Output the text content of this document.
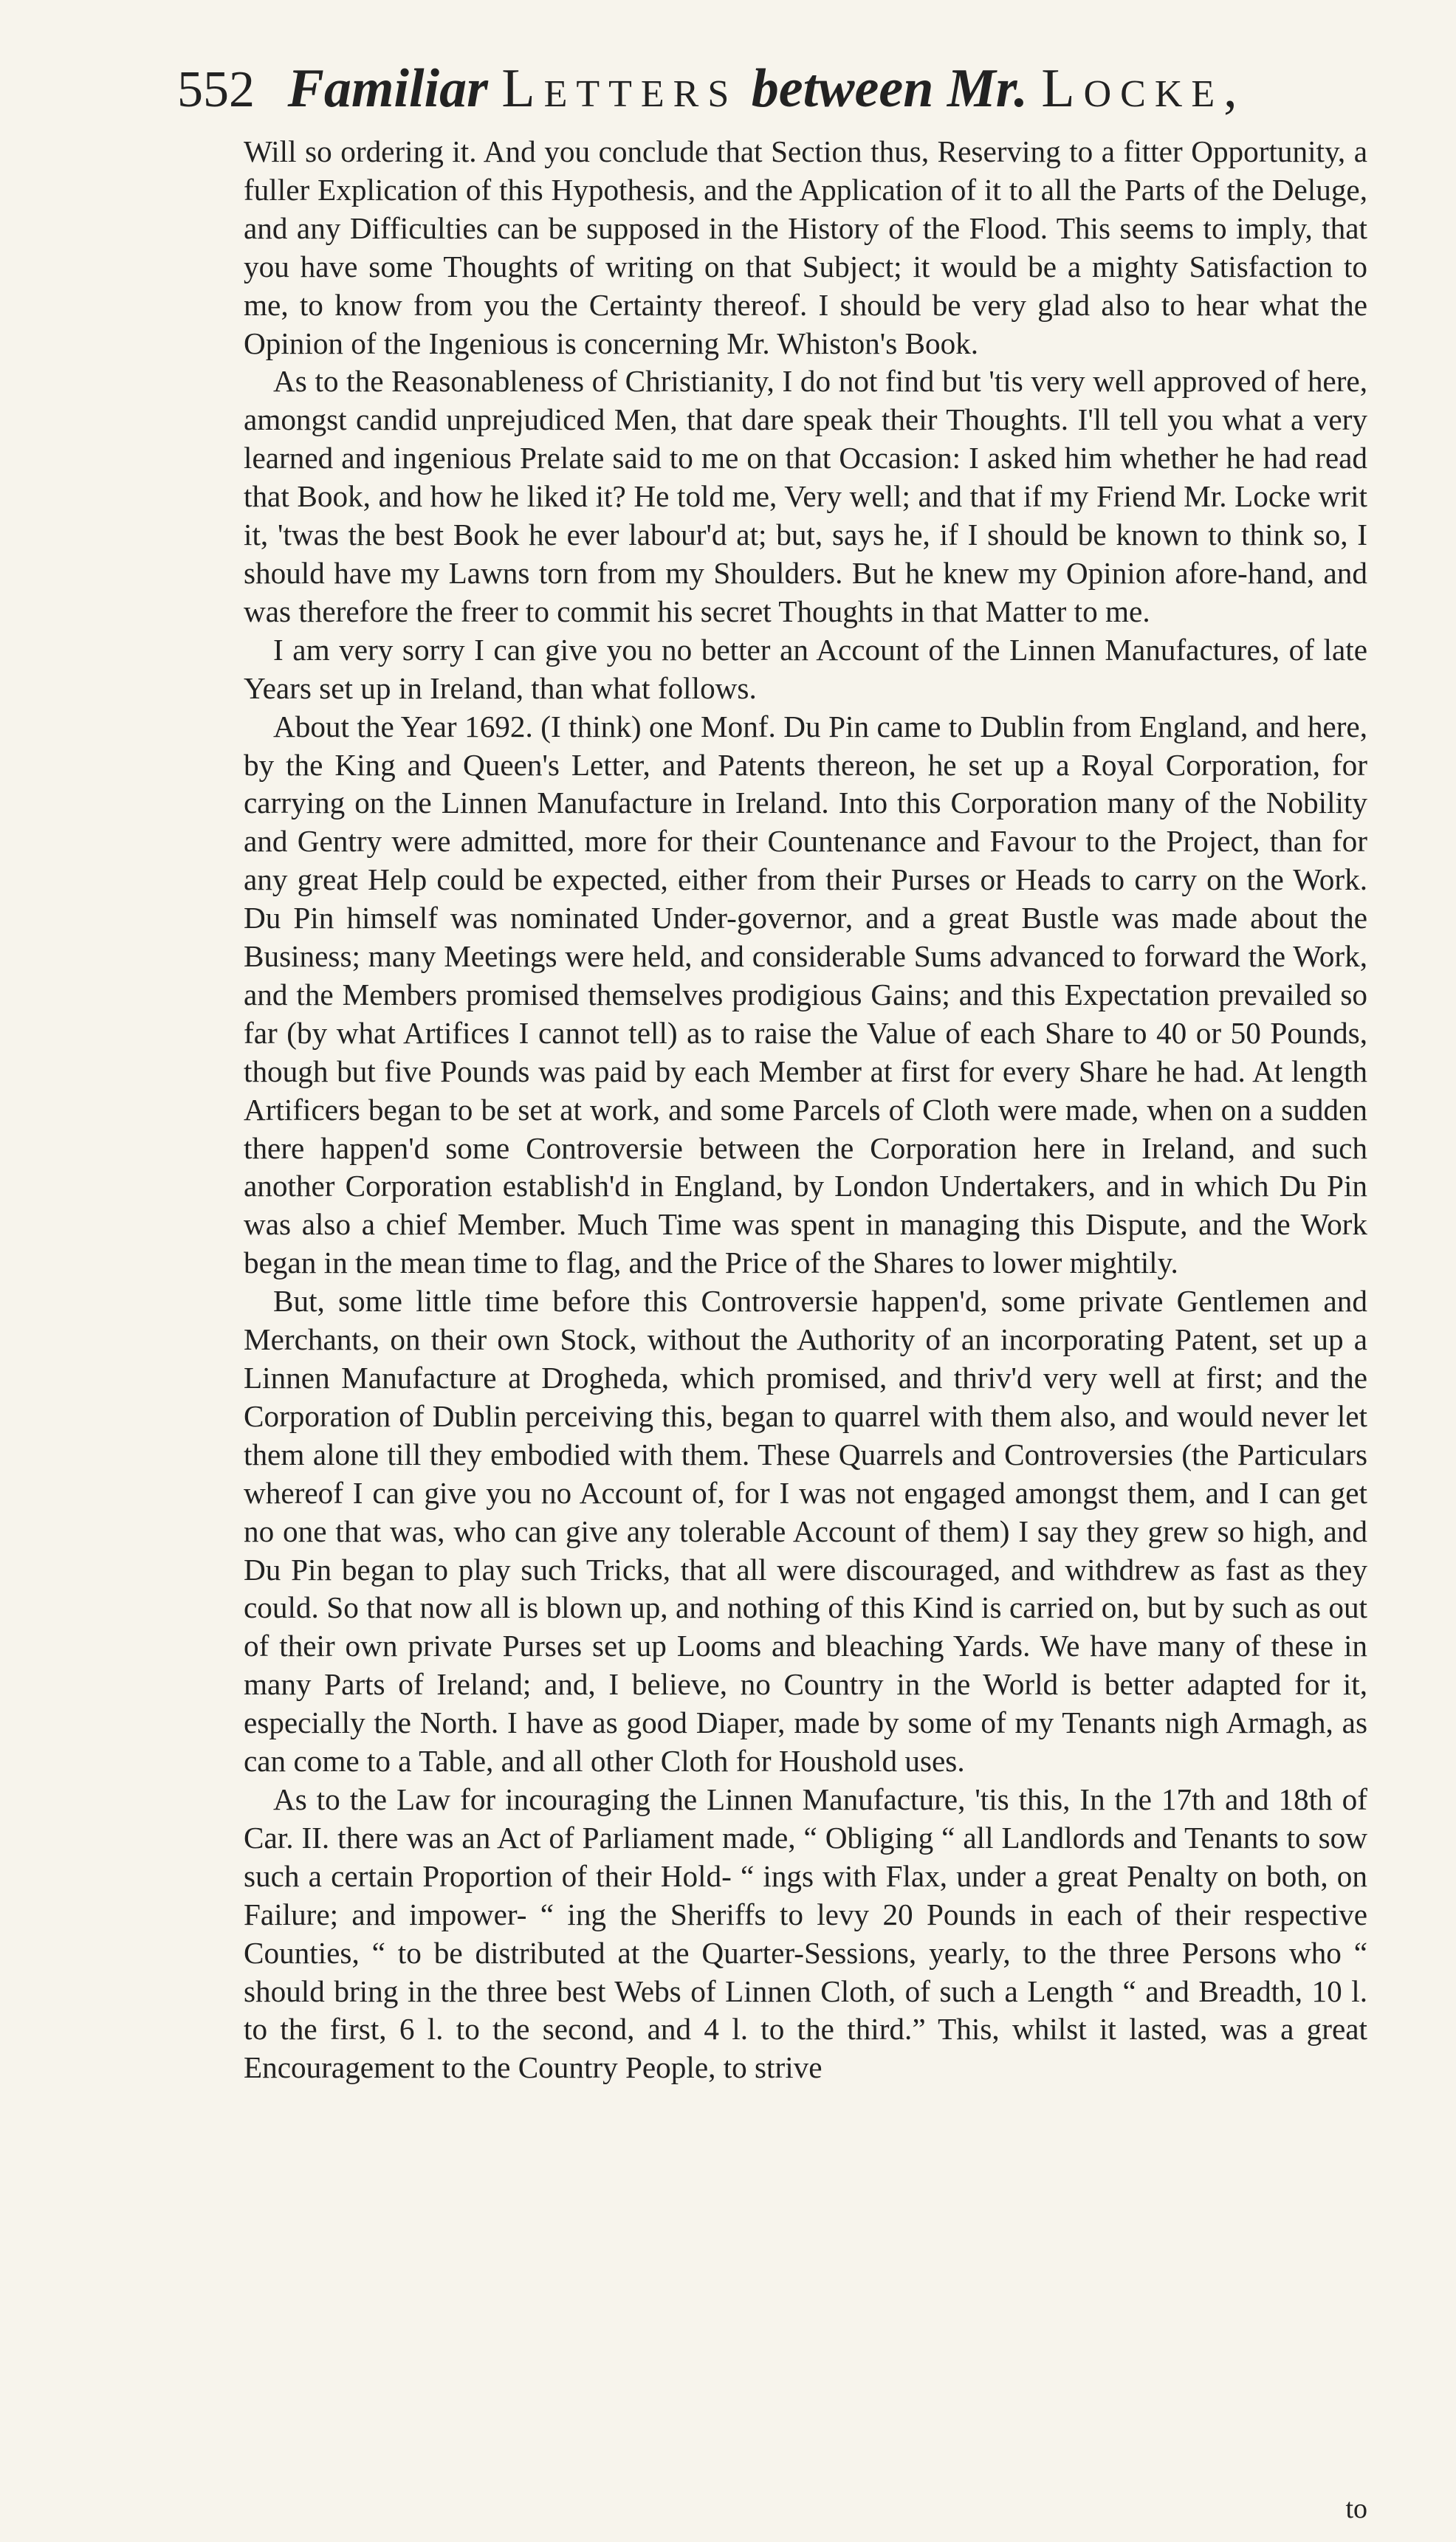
552 Familiar Letters between Mr. Locke,

Will so ordering it. And you conclude that Section thus, Reserving to a fitter Opportunity, a fuller Explication of this Hypothesis, and the Application of it to all the Parts of the Deluge, and any Difficulties can be supposed in the History of the Flood. This seems to imply, that you have some Thoughts of writing on that Subject; it would be a mighty Satisfaction to me, to know from you the Certainty thereof. I should be very glad also to hear what the Opinion of the Ingenious is concerning Mr. Whiston's Book.

As to the Reasonableness of Christianity, I do not find but 'tis very well approved of here, amongst candid unprejudiced Men, that dare speak their Thoughts. I'll tell you what a very learned and ingenious Prelate said to me on that Occasion: I asked him whether he had read that Book, and how he liked it? He told me, Very well; and that if my Friend Mr. Locke writ it, 'twas the best Book he ever labour'd at; but, says he, if I should be known to think so, I should have my Lawns torn from my Shoulders. But he knew my Opinion afore-hand, and was therefore the freer to commit his secret Thoughts in that Matter to me.

I am very sorry I can give you no better an Account of the Linnen Manufactures, of late Years set up in Ireland, than what follows.

About the Year 1692. (I think) one Monf. Du Pin came to Dublin from England, and here, by the King and Queen's Letter, and Patents thereon, he set up a Royal Corporation, for carrying on the Linnen Manufacture in Ireland. Into this Corporation many of the Nobility and Gentry were admitted, more for their Countenance and Favour to the Project, than for any great Help could be expected, either from their Purses or Heads to carry on the Work. Du Pin himself was nominated Under-governor, and a great Bustle was made about the Business; many Meetings were held, and considerable Sums advanced to forward the Work, and the Members promised themselves prodigious Gains; and this Expectation prevailed so far (by what Artifices I cannot tell) as to raise the Value of each Share to 40 or 50 Pounds, though but five Pounds was paid by each Member at first for every Share he had. At length Artificers began to be set at work, and some Parcels of Cloth were made, when on a sudden there happen'd some Controversie between the Corporation here in Ireland, and such another Corporation establish'd in England, by London Undertakers, and in which Du Pin was also a chief Member. Much Time was spent in managing this Dispute, and the Work began in the mean time to flag, and the Price of the Shares to lower mightily.

But, some little time before this Controversie happen'd, some private Gentlemen and Merchants, on their own Stock, without the Authority of an incorporating Patent, set up a Linnen Manufacture at Drogheda, which promised, and thriv'd very well at first; and the Corporation of Dublin perceiving this, began to quarrel with them also, and would never let them alone till they embodied with them. These Quarrels and Controversies (the Particulars whereof I can give you no Account of, for I was not engaged amongst them, and I can get no one that was, who can give any tolerable Account of them) I say they grew so high, and Du Pin began to play such Tricks, that all were discouraged, and withdrew as fast as they could. So that now all is blown up, and nothing of this Kind is carried on, but by such as out of their own private Purses set up Looms and bleaching Yards. We have many of these in many Parts of Ireland; and, I believe, no Country in the World is better adapted for it, especially the North. I have as good Diaper, made by some of my Tenants nigh Armagh, as can come to a Table, and all other Cloth for Houshold uses.

As to the Law for incouraging the Linnen Manufacture, 'tis this, In the 17th and 18th of Car. II. there was an Act of Parliament made, “ Obliging “ all Landlords and Tenants to sow such a certain Proportion of their Hold- “ ings with Flax, under a great Penalty on both, on Failure; and impower- “ ing the Sheriffs to levy 20 Pounds in each of their respective Counties, “ to be distributed at the Quarter-Sessions, yearly, to the three Persons who “ should bring in the three best Webs of Linnen Cloth, of such a Length “ and Breadth, 10 l. to the first, 6 l. to the second, and 4 l. to the third.” This, whilst it lasted, was a great Encouragement to the Country People, to strive

to
